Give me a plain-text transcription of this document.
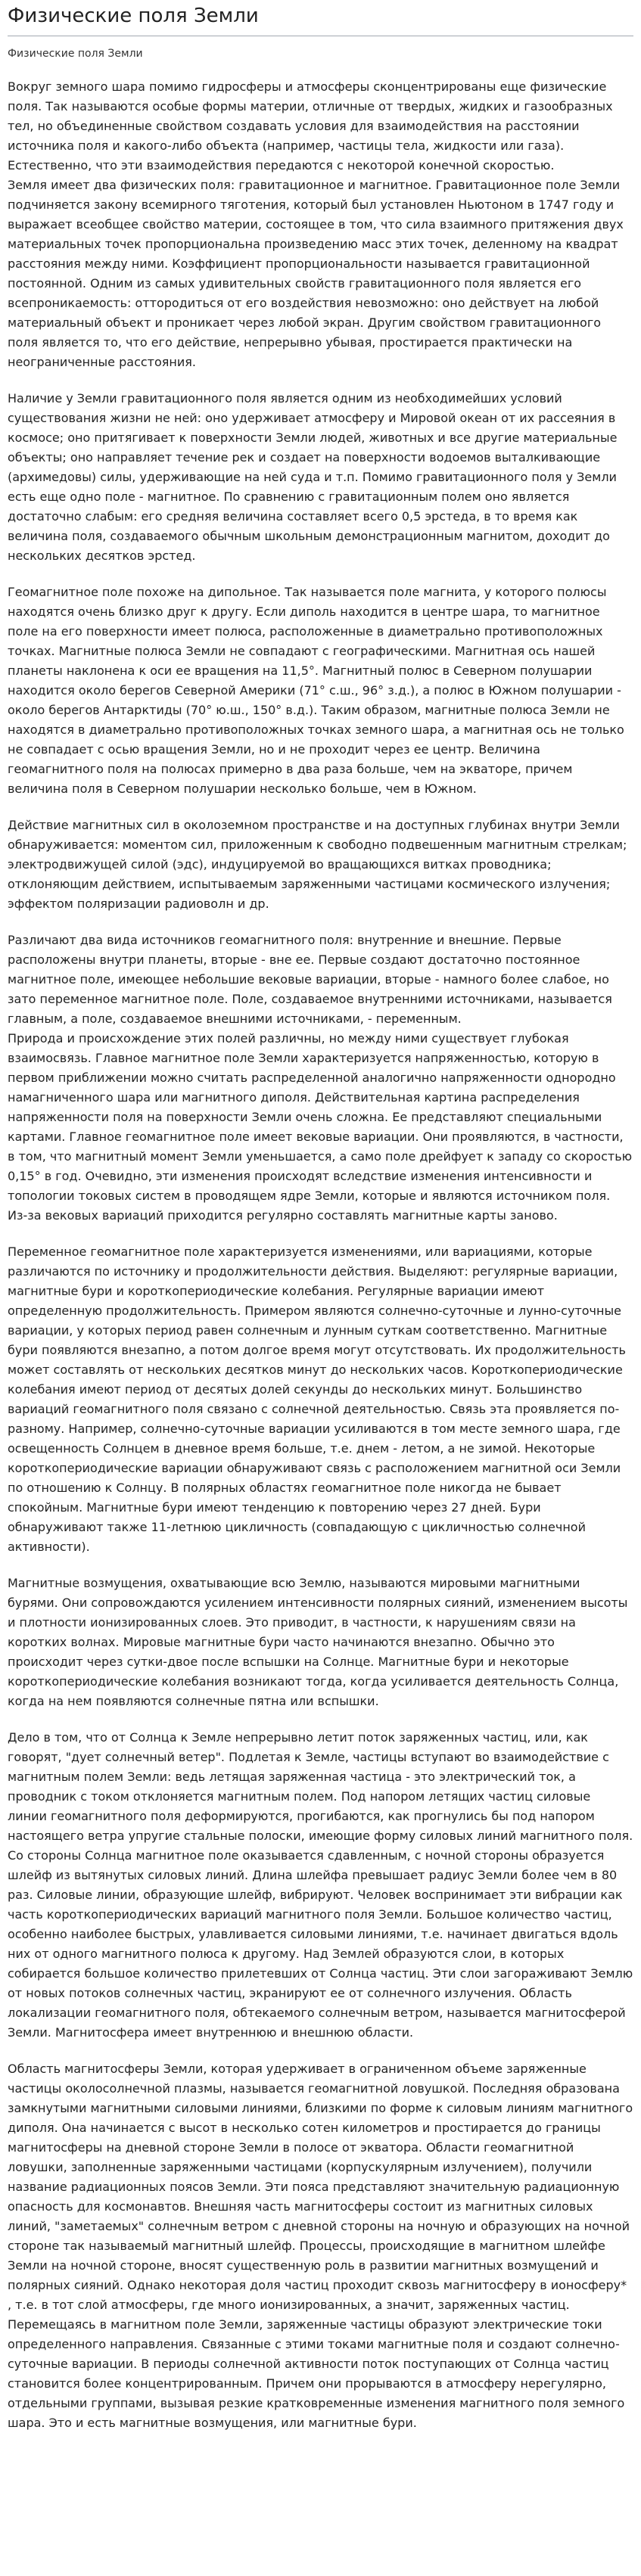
Физические поля Земли
Физические поля Земли

Вокруг земного шара помимо гидросферы и атмосферы сконцентрированы еще физические поля. Так называются особые формы материи, отличные от твердых, жидких и газообразных тел, но объединенные свойством создавать условия для взаимодействия на расстоянии источника поля и какого-либо объекта (например, частицы тела, жидкости или газа). Естественно, что эти взаимодействия передаются с некоторой конечной скоростью.
Земля имеет два физических поля: гравитационное и магнитное. Гравитационное поле Земли подчиняется закону всемирного тяготения, который был установлен Ньютоном в 1747 году и выражает всеобщее свойство материи, состоящее в том, что сила взаимного притяжения двух материальных точек пропорциональна произведению масс этих точек, деленному на квадрат расстояния между ними. Коэффициент пропорциональности называется гравитационной постоянной. Одним из самых удивительных свойств гравитационного поля является его всепроникаемость: оттородиться от его воздействия невозможно: оно действует на любой материальный объект и проникает через любой экран. Другим свойством гравитационного поля является то, что его действие, непрерывно убывая, простирается практически на неограниченные расстояния.

Наличие у Земли гравитационного поля является одним из необходимейших условий существования жизни не ней: оно удерживает атмосферу и Мировой океан от их рассеяния в космосе; оно притягивает к поверхности Земли людей, животных и все другие материальные объекты; оно направляет течение рек и создает на поверхности водоемов выталкивающие (архимедовы) силы, удерживающие на ней суда и т.п. Помимо гравитационного поля у Земли есть еще одно поле - магнитное. По сравнению с гравитационным полем оно является достаточно слабым: его средняя величина составляет всего 0,5 эрстеда, в то время как величина поля, создаваемого обычным школьным демонстрационным магнитом, доходит до нескольких десятков эрстед.

Геомагнитное поле похоже на дипольное. Так называется поле магнита, у которого полюсы находятся очень близко друг к другу. Если диполь находится в центре шара, то магнитное поле на его поверхности имеет полюса, расположенные в диаметрально противоположных точках. Магнитные полюса Земли не совпадают с географическими. Магнитная ось нашей планеты наклонена к оси ее вращения на 11,5°. Магнитный полюс в Северном полушарии находится около берегов Северной Америки (71° с.ш., 96° з.д.), а полюс в Южном полушарии - около берегов Антарктиды (70° ю.ш., 150° в.д.). Таким образом, магнитные полюса Земли не находятся в диаметрально противоположных точках земного шара, а магнитная ось не только не совпадает с осью вращения Земли, но и не проходит через ее центр. Величина геомагнитного поля на полюсах примерно в два раза больше, чем на экваторе, причем величина поля в Северном полушарии несколько больше, чем в Южном.

Действие магнитных сил в околоземном пространстве и на доступных глубинах внутри Земли обнаруживается: моментом сил, приложенным к свободно подвешенным магнитным стрелкам; электродвижущей силой (эдс), индуцируемой во вращающихся витках проводника; отклоняющим действием, испытываемым заряженными частицами космического излучения; эффектом поляризации радиоволн и др.

Различают два вида источников геомагнитного поля: внутренние и внешние. Первые расположены внутри планеты, вторые - вне ее. Первые создают достаточно постоянное магнитное поле, имеющее небольшие вековые вариации, вторые - намного более слабое, но зато переменное магнитное поле. Поле, создаваемое внутренними источниками, называется главным, а поле, создаваемое внешними источниками, - переменным.
Природа и происхождение этих полей различны, но между ними существует глубокая взаимосвязь. Главное магнитное поле Земли характеризуется напряженностью, которую в первом приближении можно считать распределенной аналогично напряженности однородно намагниченного шара или магнитного диполя. Действительная картина распределения напряженности поля на поверхности Земли очень сложна. Ее представляют специальными картами. Главное геомагнитное поле имеет вековые вариации. Они проявляются, в частности, в том, что магнитный момент Земли уменьшается, а само поле дрейфует к западу со скоростью 0,15° в год. Очевидно, эти изменения происходят вследствие изменения интенсивности и топологии токовых систем в проводящем ядре Земли, которые и являются источником поля. Из-за вековых вариаций приходится регулярно составлять магнитные карты заново.

Переменное геомагнитное поле характеризуется изменениями, или вариациями, которые различаются по источнику и продолжительности действия. Выделяют: регулярные вариации, магнитные бури и короткопериодические колебания. Регулярные вариации имеют определенную продолжительность. Примером являются солнечно-суточные и лунно-суточные вариации, у которых период равен солнечным и лунным суткам соответственно. Магнитные бури появляются внезапно, а потом долгое время могут отсутствовать. Их продолжительность может составлять от нескольких десятков минут до нескольких часов. Короткопериодические колебания имеют период от десятых долей секунды до нескольких минут. Большинство вариаций геомагнитного поля связано с солнечной деятельностью. Связь эта проявляется по-разному. Например, солнечно-суточные вариации усиливаются в том месте земного шара, где освещенность Солнцем в дневное время больше, т.е. днем - летом, а не зимой. Некоторые короткопериодические вариации обнаруживают связь с расположением магнитной оси Земли по отношению к Солнцу. В полярных областях геомагнитное поле никогда не бывает спокойным. Магнитные бури имеют тенденцию к повторению через 27 дней. Бури обнаруживают также 11-летнюю цикличность (совпадающую с цикличностью солнечной активности).

Магнитные возмущения, охватывающие всю Землю, называются мировыми магнитными бурями. Они сопровождаются усилением интенсивности полярных сияний, изменением высоты и плотности ионизированных слоев. Это приводит, в частности, к нарушениям связи на коротких волнах. Мировые магнитные бури часто начинаются внезапно. Обычно это происходит через сутки-двое после вспышки на Солнце. Магнитные бури и некоторые короткопериодические колебания возникают тогда, когда усиливается деятельность Солнца, когда на нем появляются солнечные пятна или вспышки.

Дело в том, что от Солнца к Земле непрерывно летит поток заряженных частиц, или, как говорят, "дует солнечный ветер". Подлетая к Земле, частицы вступают во взаимодействие с магнитным полем Земли: ведь летящая заряженная частица - это электрический ток, а проводник с током отклоняется магнитным полем. Под напором летящих частиц силовые линии геомагнитного поля деформируются, прогибаются, как прогнулись бы под напором настоящего ветра упругие стальные полоски, имеющие форму силовых линий магнитного поля. Со стороны Солнца магнитное поле оказывается сдавленным, с ночной стороны образуется шлейф из вытянутых силовых линий. Длина шлейфа превышает радиус Земли более чем в 80 раз. Силовые линии, образующие шлейф, вибрируют. Человек воспринимает эти вибрации как часть короткопериодических вариаций магнитного поля Земли. Большое количество частиц, особенно наиболее быстрых, улавливается силовыми линиями, т.е. начинает двигаться вдоль них от одного магнитного полюса к другому. Над Землей образуются слои, в которых собирается большое количество прилетевших от Солнца частиц. Эти слои загораживают Землю от новых потоков солнечных частиц, экранируют ее от солнечного излучения. Область локализации геомагнитного поля, обтекаемого солнечным ветром, называется магнитосферой Земли. Магнитосфера имеет внутреннюю и внешнюю области.

Область магнитосферы Земли, которая удерживает в ограниченном объеме заряженные частицы околосолнечной плазмы, называется геомагнитной ловушкой. Последняя образована замкнутыми магнитными силовыми линиями, близкими по форме к силовым линиям магнитного диполя. Она начинается с высот в несколько сотен километров и простирается до границы магнитосферы на дневной стороне Земли в полосе от экватора. Области геомагнитной ловушки, заполненные заряженными частицами (корпускулярным излучением), получили название радиационных поясов Земли. Эти пояса представляют значительную радиационную опасность для космонавтов. Внешняя часть магнитосферы состоит из магнитных силовых линий, "заметаемых" солнечным ветром с дневной стороны на ночную и образующих на ночной стороне так называемый магнитный шлейф. Процессы, происходящие в магнитном шлейфе Земли на ночной стороне, вносят существенную роль в развитии магнитных возмущений и полярных сияний. Однако некоторая доля частиц проходит сквозь магнитосферу в ионосферу* , т.е. в тот слой атмосферы, где много ионизированных, а значит, заряженных частиц. Перемещаясь в магнитном поле Земли, заряженные частицы образуют электрические токи определенного направления. Связанные с этими токами магнитные поля и создают солнечно-суточные вариации. В периоды солнечной активности поток поступающих от Солнца частиц становится более концентрированным. Причем они прорываются в атмосферу нерегулярно, отдельными группами, вызывая резкие кратковременные изменения магнитного поля земного шара. Это и есть магнитные возмущения, или магнитные бури.
